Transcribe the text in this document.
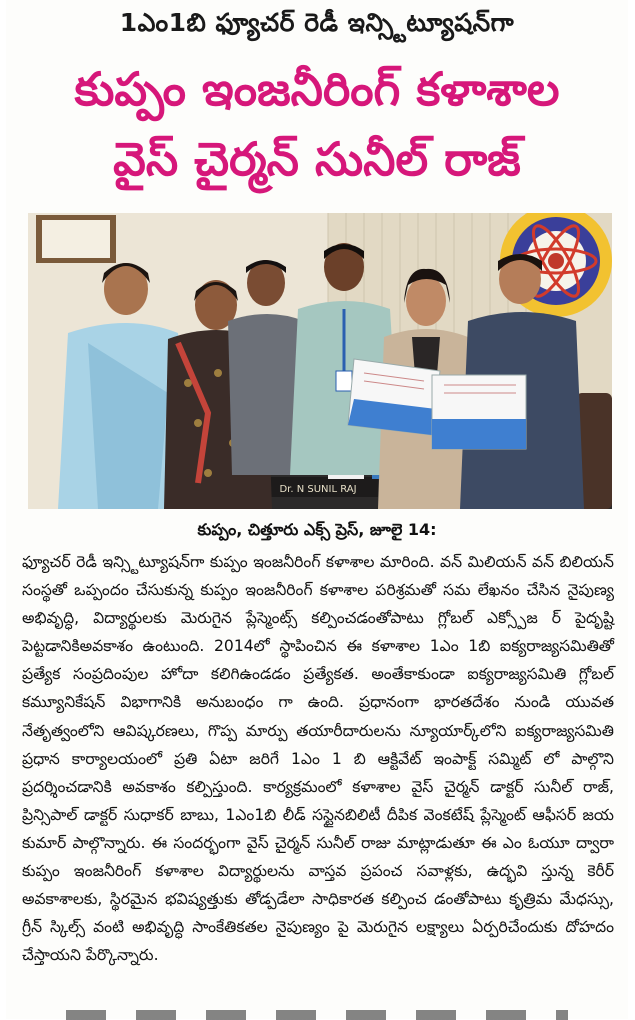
1ఎం1బి ఫ్యూచర్ రెడీ ఇన్స్టిట్యూషన్‌గా
కుప్పం ఇంజనీరింగ్ కళాశాల
వైస్ చైర్మన్ సునీల్ రాజ్
Dr. N SUNIL RAJ
కుప్పం, చిత్తూరు ఎక్స్ ప్రెస్, జూలై 14:
ఫ్యూచర్ రెడీ ఇన్స్టిట్యూషన్‌గా కుప్పం ఇంజనీరింగ్ కళాశాల మారింది. వన్ మిలియన్ వన్ బిలియన్ సంస్థతో ఒప్పందం చేసుకున్న కుప్పం ఇంజనీరింగ్ కళాశాల పరిశ్రమతో సమ లేఖనం చేసిన నైపుణ్య అభివృద్ధి, విద్యార్థులకు మెరుగైన ప్లేస్మెంట్స్ కల్పించడంతోపాటు గ్లోబల్ ఎక్స్పోజ ర్ పైదృష్టి పెట్టడానికిఅవకాశం ఉంటుంది. 2014లో స్థాపించిన ఈ కళాశాల 1ఎం 1బి ఐక్యరాజ్యసమితితో ప్రత్యేక సంప్రదింపుల హోదా కలిగిఉండడం ప్రత్యేకత. అంతేకాకుండా ఐక్యరాజ్యసమితి గ్లోబల్ కమ్యూనికేషన్ విభాగానికి అనుబంధం గా ఉంది. ప్రధానంగా భారతదేశం నుండి యువత నేతృత్వంలోని ఆవిష్కరణలు, గొప్ప మార్పు తయారీదారులను న్యూయార్క్‌లోని ఐక్యరాజ్యసమితి ప్రధాన కార్యాలయంలో ప్రతి ఏటా జరిగే 1ఎం 1 బి ఆక్టివేట్ ఇంపాక్ట్ సమ్మిట్ లో పాల్గొని ప్రదర్శించడానికి అవకాశం కల్పిస్తుంది. కార్యక్రమంలో కళాశాల వైస్ చైర్మన్ డాక్టర్ సునీల్ రాజ్, ప్రిన్సిపాల్ డాక్టర్ సుధాకర్ బాబు, 1ఎం1బి లీడ్ సస్టైనబిలిటీ దీపిక వెంకటేష్ ప్లేస్మెంట్ ఆఫీసర్ జయ కుమార్ పాల్గొన్నారు. ఈ సందర్భంగా వైస్ చైర్మన్ సునీల్ రాజు మాట్లాడుతూ ఈ ఎం ఓయూ ద్వారా కుప్పం ఇంజనీరింగ్ కళాశాల విద్యార్థులను వాస్తవ ప్రపంచ సవాళ్లకు, ఉద్భవి స్తున్న కెరీర్ అవకాశాలకు, స్థిరమైన భవిష్యత్తుకు తోడ్పడేలా సాధికారత కల్పించ డంతోపాటు కృత్రిమ మేధస్సు, గ్రీన్ స్కిల్స్ వంటి అభివృద్ధి సాంకేతికతల నైపుణ్యం పై మెరుగైన లక్ష్యాలు ఏర్పరిచేందుకు దోహదం చేస్తాయని పేర్కొన్నారు.
